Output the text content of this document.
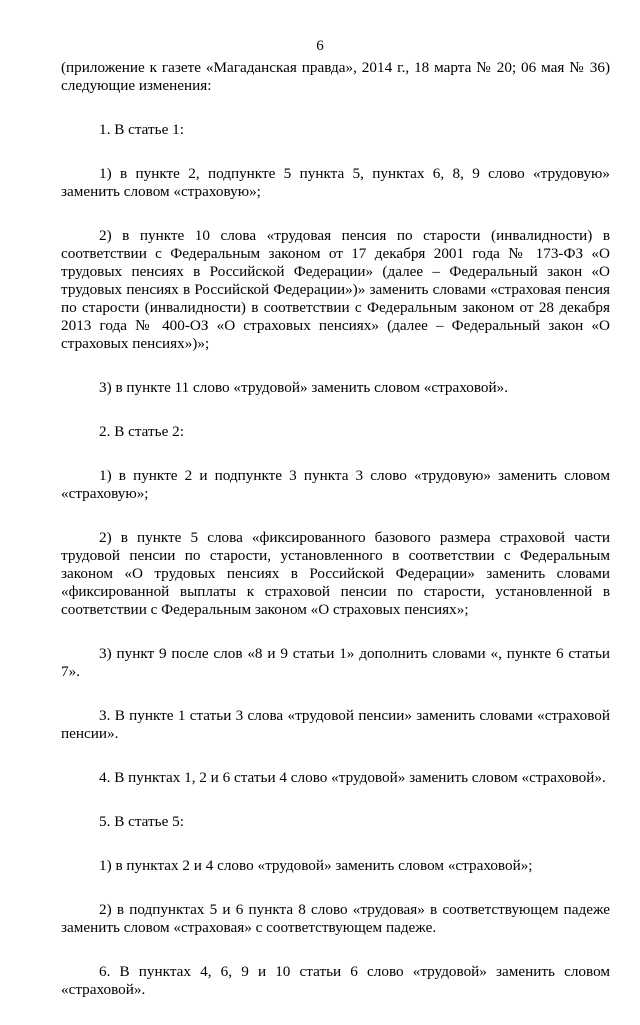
6

(приложение к газете «Магаданская правда», 2014 г., 18 марта № 20; 06 мая № 36) следующие изменения:

1. В статье 1:

1) в пункте 2, подпункте 5 пункта 5, пунктах 6, 8, 9 слово «трудовую» заменить словом «страховую»;

2) в пункте 10 слова «трудовая пенсия по старости (инвалидности) в соответствии с Федеральным законом от 17 декабря 2001 года № 173-ФЗ «О трудовых пенсиях в Российской Федерации» (далее – Федеральный закон «О трудовых пенсиях в Российской Федерации»)» заменить словами «страховая пенсия по старости (инвалидности) в соответствии с Федеральным законом от 28 декабря 2013 года № 400-ОЗ «О страховых пенсиях» (далее – Федеральный закон «О страховых пенсиях»)»;

3) в пункте 11 слово «трудовой» заменить словом «страховой».

2. В статье 2:

1) в пункте 2 и подпункте 3 пункта 3 слово «трудовую» заменить словом «страховую»;

2) в пункте 5 слова «фиксированного базового размера страховой части трудовой пенсии по старости, установленного в соответствии с Федеральным законом «О трудовых пенсиях в Российской Федерации» заменить словами «фиксированной выплаты к страховой пенсии по старости, установленной в соответствии с Федеральным законом «О страховых пенсиях»;

3) пункт 9 после слов «8 и 9 статьи 1» дополнить словами «, пункте 6 статьи 7».

3. В пункте 1 статьи 3 слова «трудовой пенсии» заменить словами «страховой пенсии».

4. В пунктах 1, 2 и 6 статьи 4 слово «трудовой» заменить словом «страховой».

5. В статье 5:

1) в пунктах 2 и 4 слово «трудовой» заменить словом «страховой»;

2) в подпунктах 5 и 6 пункта 8 слово «трудовая» в соответствующем падеже заменить словом «страховая» с соответствующем падеже.

6. В пунктах 4, 6, 9 и 10 статьи 6 слово «трудовой» заменить словом «страховой».
